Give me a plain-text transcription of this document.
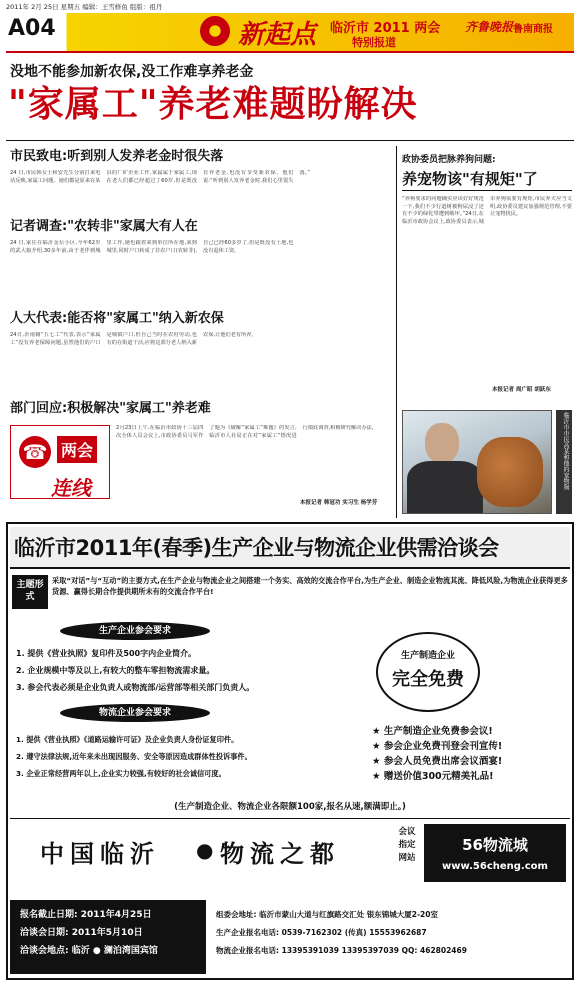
2011年 2月 25日 星期五 编辑：王雪修鱼 组版：祖丹
A04	新起点 临沂市 2011 两会
特别报道
齐鲁晚报 鲁南商报
没地不能参加新农保,没工作难享养老金
"家属工"养老难题盼解决
市民致电:听到别人发养老金时很失落
24 日,市民韩女士和安先生分别打来电话反映,家属工问题。她们都是原来在某县的厂矿企业工作,家属属于家属工,现在老人们都已经超过了60岁,但是既没有养老金,也没有享受新农保。他们说:“听到别人发养老金时,我们心里很失落。”
记者调查:"农转非"家属大有人在
24 日,家住在临沂金坛小区,今年62岁的武大娘介绍,30多年前,由于老伴到城里工作,她也跟着来到单位所在地,来到城里,同时户口转成了非农户口(农转非),自己已经60多岁了,但是既没有土地,也没有退休工资。
人大代表:能否将"家属工"纳入新农保
24日,沂南籍“五七工”代表,表示“家属工”没有养老保障问题,虽然他们的户口是城镇户口,但自己当时在农村劳动,也有的在街道干活,应将这部分老人纳入新农保,让他们老有所养。
部门回应:积极解决"家属工"养老难
☎ 两会
连线
2月23日上午,在临沂市政协十三届四次全体人员会议上,市政协委员马军作了题为《破解“家属工”难题》的发言,临沂市人社局正在对“家属工”情况进行摸底调查,积极研究解决办法。
本报记者 韩冠功 实习生 杨学芳
政协委员把脉养狗问题:
养宠物该"有规矩"了
“养狗要求的问题确实应该好好规范一下,我们不少行道树被狗尿浸了还有不少的绿化带遭到破坏。”24日,在临沂市政协会议上,政协委员表示,城市养狗需要有规矩,市民养犬应当文明,政协委员建议加强规范管理,不要让宠物扰民。
本报记者 周广昭 胡跃东
临沂市市民高某和他的宠物狗
临沂市2011年(春季)生产企业与物流企业供需洽谈会
主题形式
采取“对话”与“互动”的主要方式,在生产企业与物流企业之间搭建一个务实、高效的交流合作平台,为生产企业、制造企业物流其流、降低风险,为物流企业获得更多货源、赢得长期合作提供期所未有的交流合作平台!
生产企业参会要求
1. 提供《营业执照》复印件及500字内企业简介。
2. 企业规模中等及以上,有较大的整车零担物流需求量。
3. 参会代表必须是企业负责人或物流部/运营部等相关部门负责人。
物流企业参会要求
1. 提供《营业执照》《道路运输许可证》及企业负责人身份证复印件。
2. 遵守法律法规,近年来未出现因服务、安全等原因造成群体性投诉事件。
3. 企业正常经营两年以上,企业实力较强,有较好的社会诚信可度。
生产制造企业
完全免费
★ 生产制造企业免费参会议!
★ 参会企业免费刊登会刊宣传!
★ 参会人员免费出席会议酒宴!
★ 赠送价值300元精美礼品!
(生产制造企业、物流企业各限额100家,报名从速,额满即止。)
中国临沂 ● 物流之都
会议指定网站
56物流城
www.56cheng.com
报名截止日期: 2011年4月25日
洽谈会日期: 2011年5月10日
洽谈会地点: 临沂 ● 澜泊湾国宾馆
组委会地址: 临沂市蒙山大道与红旗路交汇处 银东锦城大厦2-20室
生产企业报名电话: 0539-7162302 (传真) 15553962687
物流企业报名电话: 13395391039 13395397039 QQ: 462802469
